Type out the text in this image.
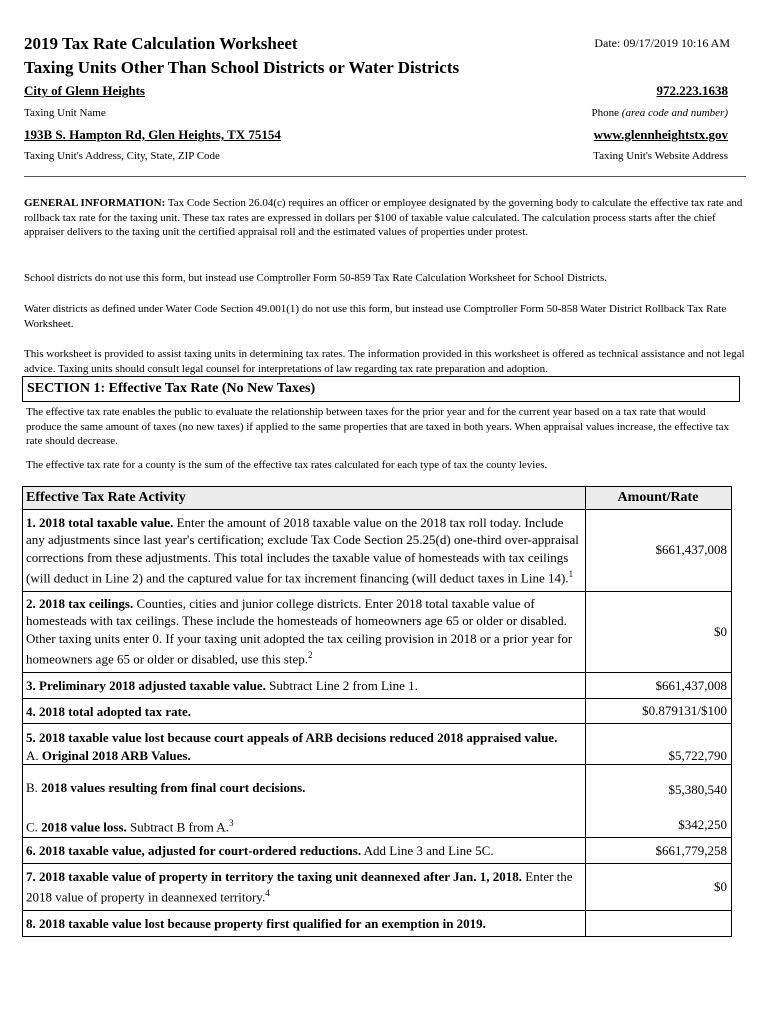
2019 Tax Rate Calculation Worksheet	Date: 09/17/2019 10:16 AM
Taxing Units Other Than School Districts or Water Districts
City of Glenn Heights	972.223.1638
Taxing Unit Name	Phone (area code and number)
193B S. Hampton Rd, Glen Heights, TX 75154	www.glennheightstx.gov
Taxing Unit's Address, City, State, ZIP Code	Taxing Unit's Website Address
GENERAL INFORMATION: Tax Code Section 26.04(c) requires an officer or employee designated by the governing body to calculate the effective tax rate and rollback tax rate for the taxing unit. These tax rates are expressed in dollars per $100 of taxable value calculated. The calculation process starts after the chief appraiser delivers to the taxing unit the certified appraisal roll and the estimated values of properties under protest.
School districts do not use this form, but instead use Comptroller Form 50-859 Tax Rate Calculation Worksheet for School Districts.
Water districts as defined under Water Code Section 49.001(1) do not use this form, but instead use Comptroller Form 50-858 Water District Rollback Tax Rate Worksheet.
This worksheet is provided to assist taxing units in determining tax rates. The information provided in this worksheet is offered as technical assistance and not legal advice. Taxing units should consult legal counsel for interpretations of law regarding tax rate preparation and adoption.
SECTION 1: Effective Tax Rate (No New Taxes)
The effective tax rate enables the public to evaluate the relationship between taxes for the prior year and for the current year based on a tax rate that would produce the same amount of taxes (no new taxes) if applied to the same properties that are taxed in both years. When appraisal values increase, the effective tax rate should decrease.
The effective tax rate for a county is the sum of the effective tax rates calculated for each type of tax the county levies.
Effective Tax Rate Activity	Amount/Rate
1. 2018 total taxable value. Enter the amount of 2018 taxable value on the 2018 tax roll today. Include any adjustments since last year's certification; exclude Tax Code Section 25.25(d) one-third over-appraisal corrections from these adjustments. This total includes the taxable value of homesteads with tax ceilings (will deduct in Line 2) and the captured value for tax increment financing (will deduct taxes in Line 14).$^1$	$661,437,008
2. 2018 tax ceilings. Counties, cities and junior college districts. Enter 2018 total taxable value of homesteads with tax ceilings. These include the homesteads of homeowners age 65 or older or disabled. Other taxing units enter 0. If your taxing unit adopted the tax ceiling provision in 2018 or a prior year for homeowners age 65 or older or disabled, use this step.$^2$	$0
3. Preliminary 2018 adjusted taxable value. Subtract Line 2 from Line 1.	$661,437,008
4. 2018 total adopted tax rate.	$0.879131/$100
5. 2018 taxable value lost because court appeals of ARB decisions reduced 2018 appraised value.
A. Original 2018 ARB Values.	$5,722,790
B. 2018 values resulting from final court decisions.	$5,380,540
C. 2018 value loss. Subtract B from A.$^3$	$342,250
6. 2018 taxable value, adjusted for court-ordered reductions. Add Line 3 and Line 5C.	$661,779,258
7. 2018 taxable value of property in territory the taxing unit deannexed after Jan. 1, 2018. Enter the 2018 value of property in deannexed territory.$^4$	$0
8. 2018 taxable value lost because property first qualified for an exemption in 2019.	
